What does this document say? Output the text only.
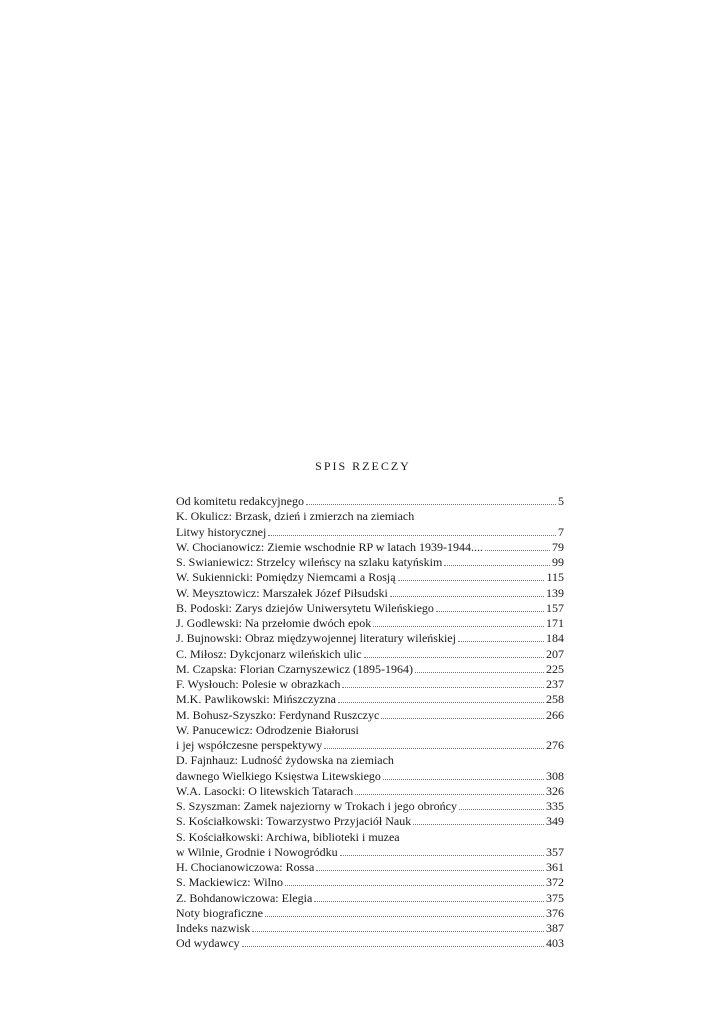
SPIS RZECZY
Od komitetu redakcyjnego	5
K. Okulicz: Brzask, dzień i zmierzch na ziemiach
Litwy historycznej	7
W. Chocianowicz: Ziemie wschodnie RP w latach 1939-1944....	79
S. Swianiewicz: Strzelcy wileńscy na szlaku katyńskim	99
W. Sukiennicki: Pomiędzy Niemcami a Rosją	115
W. Meysztowicz: Marszałek Józef Piłsudski	139
B. Podoski: Zarys dziejów Uniwersytetu Wileńskiego	157
J. Godlewski: Na przełomie dwóch epok	171
J. Bujnowski: Obraz międzywojennej literatury wileńskiej	184
C. Miłosz: Dykcjonarz wileńskich ulic	207
M. Czapska: Florian Czarnyszewicz (1895-1964)	225
F. Wysłouch: Polesie w obrazkach	237
M.K. Pawlikowski: Mińszczyzna	258
M. Bohusz-Szyszko: Ferdynand Ruszczyc	266
W. Panucewicz: Odrodzenie Białorusi
i jej współczesne perspektywy	276
D. Fajnhauz: Ludność żydowska na ziemiach
dawnego Wielkiego Księstwa Litewskiego	308
W.A. Lasocki: O litewskich Tatarach	326
S. Szyszman: Zamek najeziorny w Trokach i jego obrońcy	335
S. Kościałkowski: Towarzystwo Przyjaciół Nauk	349
S. Kościałkowski: Archiwa, biblioteki i muzea
w Wilnie, Grodnie i Nowogródku	357
H. Chocianowiczowa: Rossa	361
S. Mackiewicz: Wilno	372
Z. Bohdanowiczowa: Elegia	375
Noty biograficzne	376
Indeks nazwisk	387
Od wydawcy	403
